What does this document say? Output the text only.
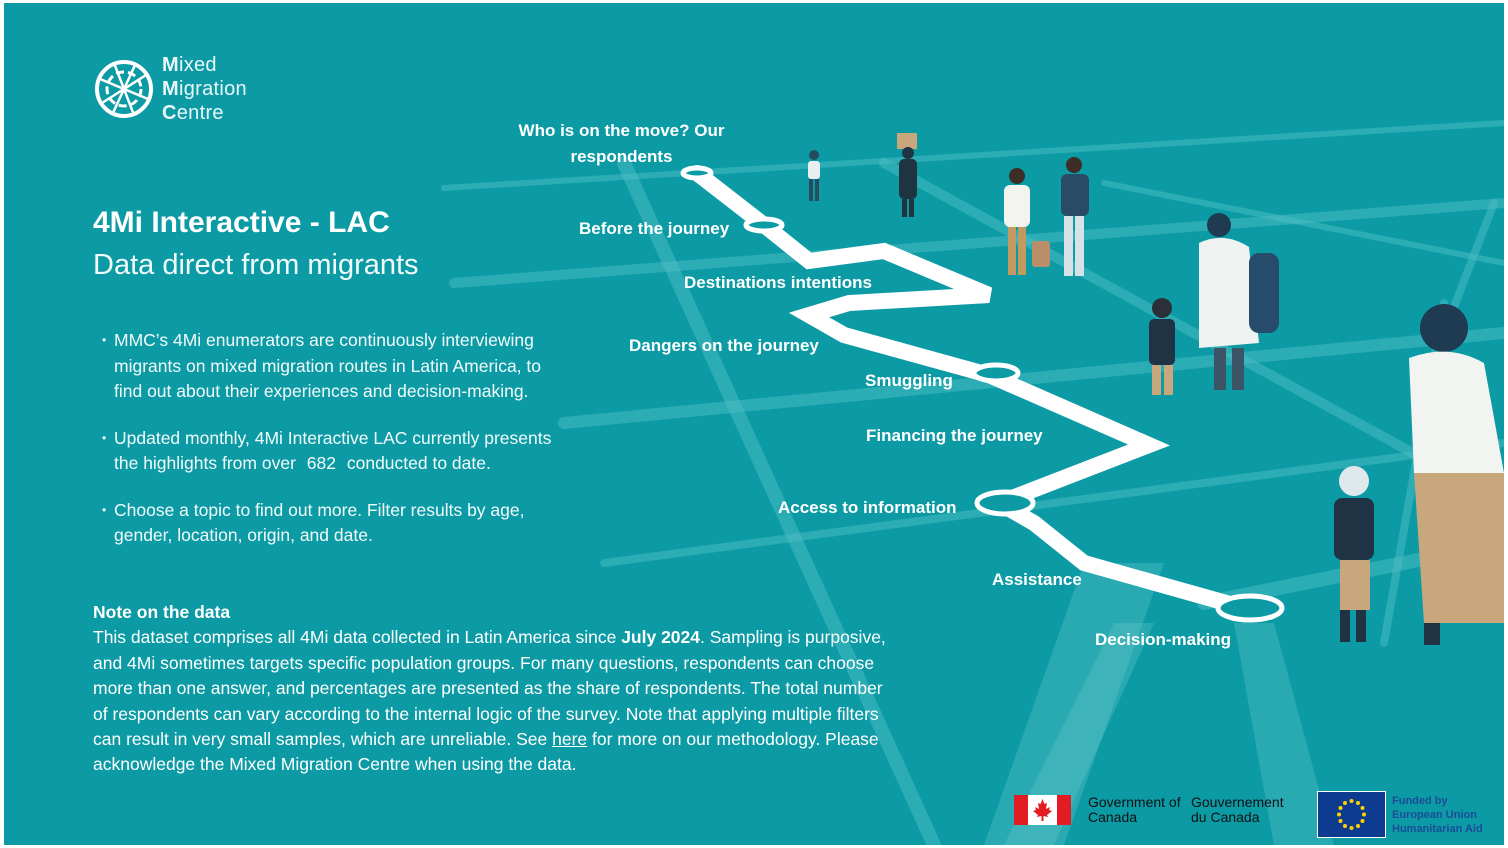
Mixed
Migration
Centre
4Mi Interactive - LAC
Data direct from migrants
• MMC’s 4Mi enumerators are continuously interviewing migrants on mixed migration routes in Latin America, to find out about their experiences and decision-making.
• Updated monthly, 4Mi Interactive LAC currently presents the highlights from over 682 conducted to date.
• Choose a topic to find out more. Filter results by age, gender, location, origin, and date.
Note on the data
This dataset comprises all 4Mi data collected in Latin America since July 2024. Sampling is purposive, and 4Mi sometimes targets specific population groups. For many questions, respondents can choose more than one answer, and percentages are presented as the share of respondents. The total number of respondents can vary according to the internal logic of the survey. Note that applying multiple filters can result in very small samples, which are unreliable. See here for more on our methodology. Please acknowledge the Mixed Migration Centre when using the data.
Who is on the move? Our respondents
Before the journey
Destinations intentions
Dangers on the journey
Smuggling
Financing the journey
Access to information
Assistance
Decision-making
Government of Canada
Gouvernement du Canada
Funded by
European Union
Humanitarian Aid
